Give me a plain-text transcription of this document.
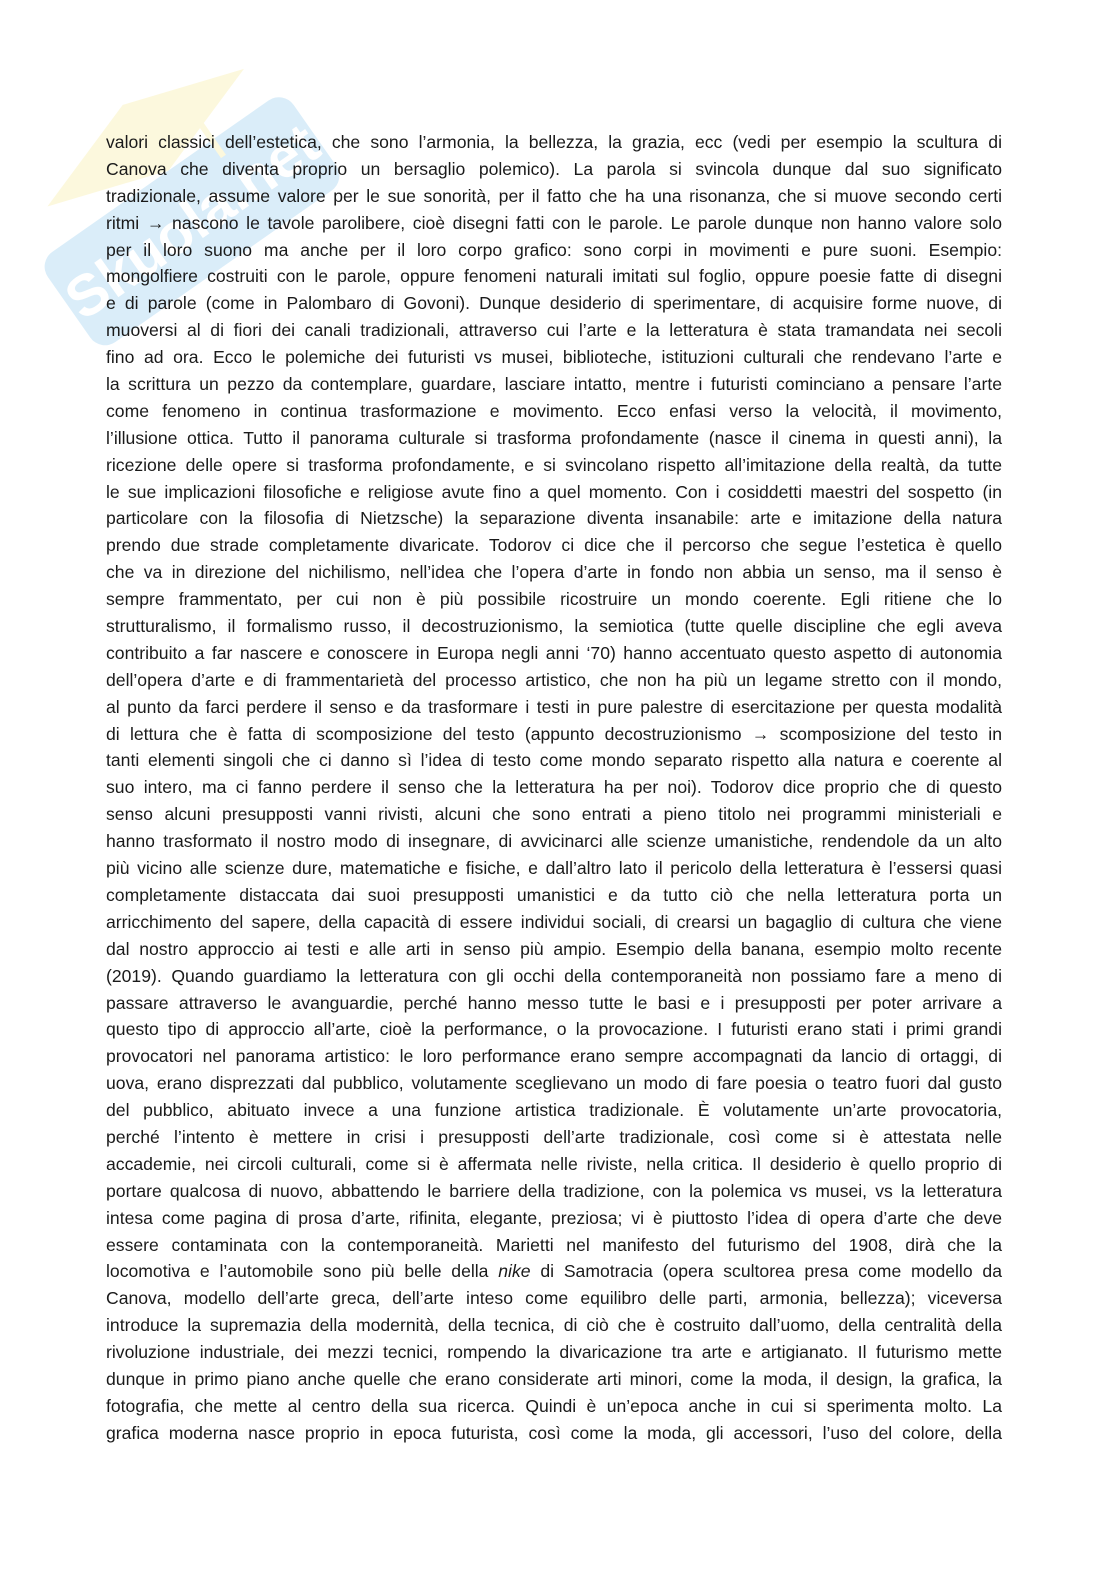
Skuola.net
valori classici dell’estetica, che sono l’armonia, la bellezza, la grazia, ecc (vedi per esempio la scultura di
Canova che diventa proprio un bersaglio polemico). La parola si svincola dunque dal suo significato
tradizionale, assume valore per le sue sonorità, per il fatto che ha una risonanza, che si muove secondo certi
ritmi → nascono le tavole parolibere, cioè disegni fatti con le parole. Le parole dunque non hanno valore solo
per il loro suono ma anche per il loro corpo grafico: sono corpi in movimenti e pure suoni. Esempio:
mongolfiere costruiti con le parole, oppure fenomeni naturali imitati sul foglio, oppure poesie fatte di disegni
e di parole (come in Palombaro di Govoni). Dunque desiderio di sperimentare, di acquisire forme nuove, di
muoversi al di fiori dei canali tradizionali, attraverso cui l’arte e la letteratura è stata tramandata nei secoli
fino ad ora. Ecco le polemiche dei futuristi vs musei, biblioteche, istituzioni culturali che rendevano l’arte e
la scrittura un pezzo da contemplare, guardare, lasciare intatto, mentre i futuristi cominciano a pensare l’arte
come fenomeno in continua trasformazione e movimento. Ecco enfasi verso la velocità, il movimento,
l’illusione ottica. Tutto il panorama culturale si trasforma profondamente (nasce il cinema in questi anni), la
ricezione delle opere si trasforma profondamente, e si svincolano rispetto all’imitazione della realtà, da tutte
le sue implicazioni filosofiche e religiose avute fino a quel momento. Con i cosiddetti maestri del sospetto (in
particolare con la filosofia di Nietzsche) la separazione diventa insanabile: arte e imitazione della natura
prendo due strade completamente divaricate. Todorov ci dice che il percorso che segue l’estetica è quello
che va in direzione del nichilismo, nell’idea che l’opera d’arte in fondo non abbia un senso, ma il senso è
sempre frammentato, per cui non è più possibile ricostruire un mondo coerente. Egli ritiene che lo
strutturalismo, il formalismo russo, il decostruzionismo, la semiotica (tutte quelle discipline che egli aveva
contribuito a far nascere e conoscere in Europa negli anni ‘70) hanno accentuato questo aspetto di autonomia
dell’opera d’arte e di frammentarietà del processo artistico, che non ha più un legame stretto con il mondo,
al punto da farci perdere il senso e da trasformare i testi in pure palestre di esercitazione per questa modalità
di lettura che è fatta di scomposizione del testo (appunto decostruzionismo → scomposizione del testo in
tanti elementi singoli che ci danno sì l’idea di testo come mondo separato rispetto alla natura e coerente al
suo intero, ma ci fanno perdere il senso che la letteratura ha per noi). Todorov dice proprio che di questo
senso alcuni presupposti vanni rivisti, alcuni che sono entrati a pieno titolo nei programmi ministeriali e
hanno trasformato il nostro modo di insegnare, di avvicinarci alle scienze umanistiche, rendendole da un alto
più vicino alle scienze dure, matematiche e fisiche, e dall’altro lato il pericolo della letteratura è l’essersi quasi
completamente distaccata dai suoi presupposti umanistici e da tutto ciò che nella letteratura porta un
arricchimento del sapere, della capacità di essere individui sociali, di crearsi un bagaglio di cultura che viene
dal nostro approccio ai testi e alle arti in senso più ampio. Esempio della banana, esempio molto recente
(2019). Quando guardiamo la letteratura con gli occhi della contemporaneità non possiamo fare a meno di
passare attraverso le avanguardie, perché hanno messo tutte le basi e i presupposti per poter arrivare a
questo tipo di approccio all’arte, cioè la performance, o la provocazione. I futuristi erano stati i primi grandi
provocatori nel panorama artistico: le loro performance erano sempre accompagnati da lancio di ortaggi, di
uova, erano disprezzati dal pubblico, volutamente sceglievano un modo di fare poesia o teatro fuori dal gusto
del pubblico, abituato invece a una funzione artistica tradizionale. È volutamente un’arte provocatoria,
perché l’intento è mettere in crisi i presupposti dell’arte tradizionale, così come si è attestata nelle
accademie, nei circoli culturali, come si è affermata nelle riviste, nella critica. Il desiderio è quello proprio di
portare qualcosa di nuovo, abbattendo le barriere della tradizione, con la polemica vs musei, vs la letteratura
intesa come pagina di prosa d’arte, rifinita, elegante, preziosa; vi è piuttosto l’idea di opera d’arte che deve
essere contaminata con la contemporaneità. Marietti nel manifesto del futurismo del 1908, dirà che la
locomotiva e l’automobile sono più belle della nike di Samotracia (opera scultorea presa come modello da
Canova, modello dell’arte greca, dell’arte inteso come equilibro delle parti, armonia, bellezza); viceversa
introduce la supremazia della modernità, della tecnica, di ciò che è costruito dall’uomo, della centralità della
rivoluzione industriale, dei mezzi tecnici, rompendo la divaricazione tra arte e artigianato. Il futurismo mette
dunque in primo piano anche quelle che erano considerate arti minori, come la moda, il design, la grafica, la
fotografia, che mette al centro della sua ricerca. Quindi è un’epoca anche in cui si sperimenta molto. La
grafica moderna nasce proprio in epoca futurista, così come la moda, gli accessori, l’uso del colore, della
